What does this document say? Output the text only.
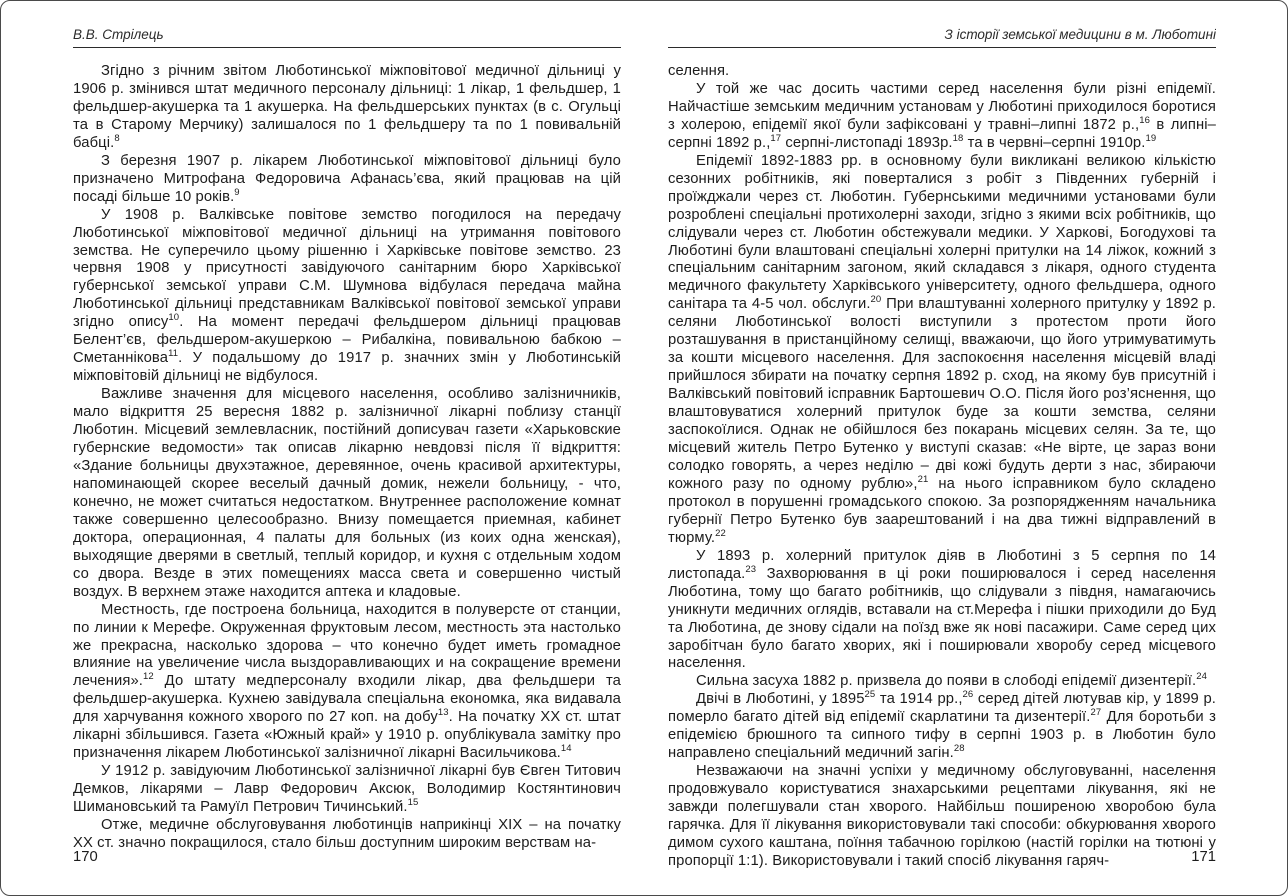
В.В. Стрілець

Згідно з річним звітом Люботинської міжповітової медичної дільниці у 1906 р. змінився штат медичного персоналу дільниці: 1 лікар, 1 фельдшер, 1 фельдшер-акушерка та 1 акушерка. На фельдшерських пунктах (в с. Огульці та в Старому Мерчику) залишалося по 1 фельдшеру та по 1 повивальній бабці.$^8$

З березня 1907 р. лікарем Люботинської міжповітової дільниці було призначено Митрофана Федоровича Афанась’єва, який працював на цій посаді більше 10 років.$^9$

У 1908 р. Валківське повітове земство погодилося на передачу Люботинської міжповітової медичної дільниці на утримання повітового земства. Не суперечило цьому рішенню і Харківське повітове земство. 23 червня 1908 у присутності завідуючого санітарним бюро Харківської губернської земської управи С.М. Шумнова відбулася передача майна Люботинської дільниці представникам Валківської повітової земської управи згідно опису$^{10}$. На момент передачі фельдшером дільниці працював Белент’єв, фельдшером-акушеркою – Рибалкіна, повивальною бабкою – Сметаннікова$^{11}$. У подальшому до 1917 р. значних змін у Люботинській міжповітовій дільниці не відбулося.

Важливе значення для місцевого населення, особливо залізничників, мало відкриття 25 вересня 1882 р. залізничної лікарні поблизу станції Люботин. Місцевий землевласник, постійний дописувач газети «Харьковские губернские ведомости» так описав лікарню невдовзі після її відкриття: «Здание больницы двухэтажное, деревянное, очень красивой архитектуры, напоминающей скорее веселый дачный домик, нежели больницу, - что, конечно, не может считаться недостатком. Внутреннее расположение комнат также совершенно целесообразно. Внизу помещается приемная, кабинет доктора, операционная, 4 палаты для больных (из коих одна женская), выходящие дверями в светлый, теплый коридор, и кухня с отдельным ходом со двора. Везде в этих помещениях масса света и совершенно чистый воздух. В верхнем этаже находится аптека и кладовые.

Местность, где построена больница, находится в полуверсте от станции, по линии к Мерефе. Окруженная фруктовым лесом, местность эта настолько же прекрасна, насколько здорова – что конечно будет иметь громадное влияние на увеличение числа выздоравливающих и на сокращение времени лечения».$^{12}$ До штату медперсоналу входили лікар, два фельдшери та фельдшер-акушерка. Кухнею завідувала спеціальна економка, яка видавала для харчування кожного хворого по 27 коп. на добу$^{13}$. На початку XX ст. штат лікарні збільшився. Газета «Южный край» у 1910 р. опублікувала замітку про призначення лікарем Люботинської залізничної лікарні Васильчикова.$^{14}$

У 1912 р. завідуючим Люботинської залізничної лікарні був Євген Титович Демков, лікарями – Лавр Федорович Аксюк, Володимир Костянтинович Шимановський та Рамуїл Петрович Тичинський.$^{15}$

Отже, медичне обслуговування люботинців наприкінці XIX – на початку XX ст. значно покращилося, стало більш доступним широким верствам на-

170
З історії земської медицини в м. Люботині

селення.

У той же час досить частими серед населення були різні епідемії. Найчастіше земським медичним установам у Люботині приходилося боротися з холерою, епідемії якої були зафіксовані у травні–липні 1872 р.,$^{16}$ в липні–серпні 1892 р.,$^{17}$ серпні-листопаді 1893р.$^{18}$ та в червні–серпні 1910р.$^{19}$

Епідемії 1892-1883 рр. в основному були викликані великою кількістю сезонних робітників, які поверталися з робіт з Південних губерній і проїжджали через ст. Люботин. Губернськими медичними установами були розроблені спеціальні протихолерні заходи, згідно з якими всіх робітників, що слідували через ст. Люботин обстежували медики. У Харкові, Богодухові та Люботині були влаштовані спеціальні холерні притулки на 14 ліжок, кожний з спеціальним санітарним загоном, який складався з лікаря, одного студента медичного факультету Харківського університету, одного фельдшера, одного санітара та 4-5 чол. обслуги.$^{20}$ При влаштуванні холерного притулку у 1892 р. селяни Люботинської волості виступили з протестом проти його розташування в пристанційному селищі, вважаючи, що його утримуватимуть за кошти місцевого населення. Для заспокоєння населення місцевій владі прийшлося збирати на початку серпня 1892 р. сход, на якому був присутній і Валківський повітовий ісправник Бартошевич О.О. Після його роз’яснення, що влаштовуватися холерний притулок буде за кошти земства, селяни заспокоїлися. Однак не обійшлося без покарань місцевих селян. За те, що місцевий житель Петро Бутенко у виступі сказав: «Не вірте, це зараз вони солодко говорять, а через неділю – дві кожі будуть дерти з нас, збираючи кожного разу по одному рублю»,$^{21}$ на нього ісправником було складено протокол в порушенні громадського спокою. За розпорядженням начальника губернії Петро Бутенко був заарештований і на два тижні відправлений в тюрму.$^{22}$

У 1893 р. холерний притулок діяв в Люботині з 5 серпня по 14 листопада.$^{23}$ Захворювання в ці роки поширювалося і серед населення Люботина, тому що багато робітників, що слідували з півдня, намагаючись уникнути медичних оглядів, вставали на ст.Мерефа і пішки приходили до Буд та Люботина, де знову сідали на поїзд вже як нові пасажири. Саме серед цих заробітчан було багато хворих, які і поширювали хворобу серед місцевого населення.

Сильна засуха 1882 р. призвела до появи в слободі епідемії дизентерії.$^{24}$

Двічі в Люботині, у 1895$^{25}$ та 1914 рр.,$^{26}$ серед дітей лютував кір, у 1899 р. померло багато дітей від епідемії скарлатини та дизентерії.$^{27}$ Для боротьби з епідемією брюшного та сипного тифу в серпні 1903 р. в Люботин було направлено спеціальний медичний загін.$^{28}$

Незважаючи на значні успіхи у медичному обслуговуванні, населення продовжувало користуватися знахарськими рецептами лікування, які не завжди полегшували стан хворого. Найбільш поширеною хворобою була гарячка. Для її лікування використовували такі способи: обкурювання хворого димом сухого каштана, поїння табачною горілкою (настій горілки на тютюні у пропорції 1:1). Використовували і такий спосіб лікування гаряч-	171
